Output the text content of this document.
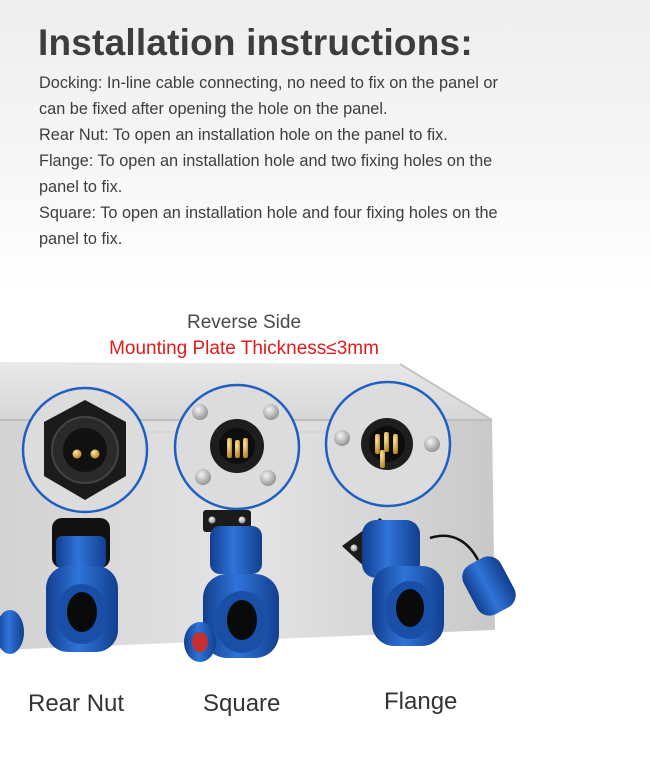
Installation instructions:

Docking: In-line cable connecting, no need to fix on the panel or

can be fixed after opening the hole on the panel.

Rear Nut: To open an installation hole on the panel to fix.

Flange: To open an installation hole and two fixing holes on the

panel to fix.

Square: To open an installation hole and four fixing holes on the

panel to fix.

Reverse Side
Mounting Plate Thickness≤3mm
Rear Nut	Square	Flange
